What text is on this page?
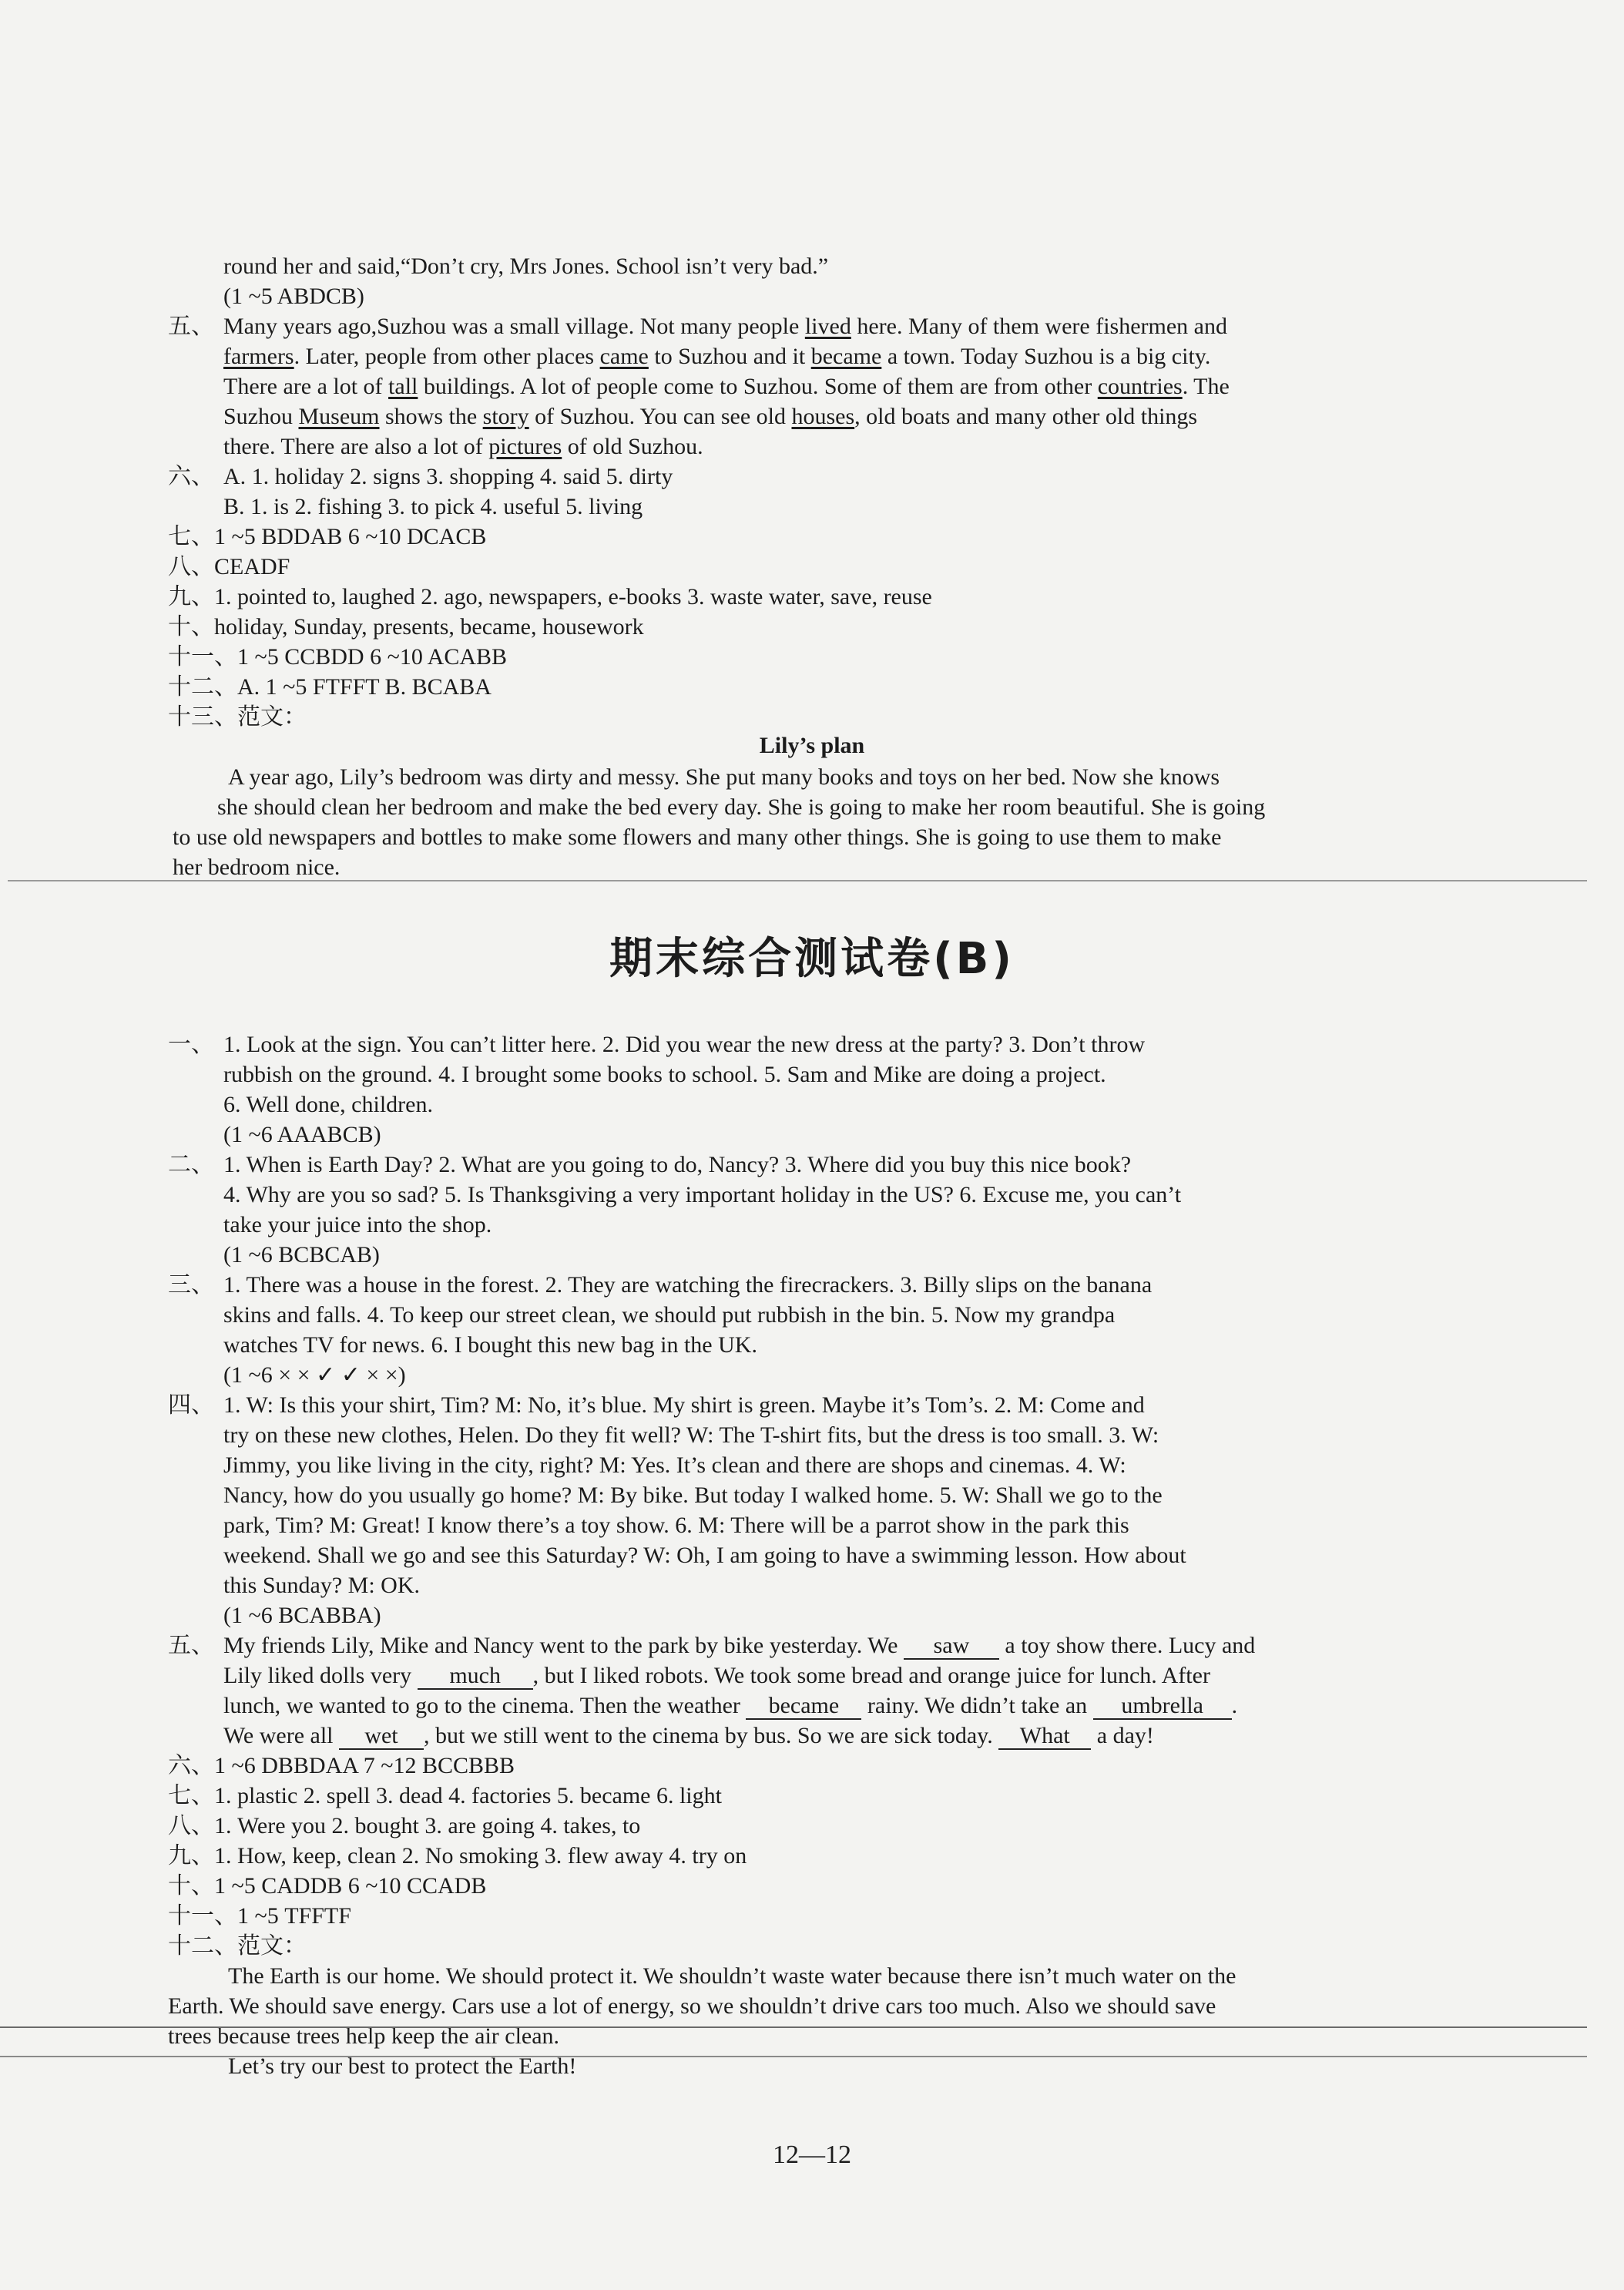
round her and said,“Don’t cry, Mrs Jones. School isn’t very bad.”
(1 ~5 ABDCB)
五、 Many years ago,Suzhou was a small village. Not many people lived here. Many of them were fishermen and
farmers. Later, people from other places came to Suzhou and it became a town. Today Suzhou is a big city.
There are a lot of tall buildings. A lot of people come to Suzhou. Some of them are from other countries. The
Suzhou Museum shows the story of Suzhou. You can see old houses, old boats and many other old things
there. There are also a lot of pictures of old Suzhou.
六、 A. 1. holiday 2. signs 3. shopping 4. said 5. dirty
B. 1. is 2. fishing 3. to pick 4. useful 5. living
七、1 ~5 BDDAB 6 ~10 DCACB
八、CEADF
九、1. pointed to, laughed 2. ago, newspapers, e-books 3. waste water, save, reuse
十、holiday, Sunday, presents, became, housework
十一、1 ~5 CCBDD 6 ~10 ACABB
十二、A. 1 ~5 FTFFT B. BCABA
十三、范文：
Lily’s plan
A year ago, Lily’s bedroom was dirty and messy. She put many books and toys on her bed. Now she knows
she should clean her bedroom and make the bed every day. She is going to make her room beautiful. She is going
to use old newspapers and bottles to make some flowers and many other things. She is going to use them to make
her bedroom nice.
期末综合测试卷(B)
一、 1. Look at the sign. You can’t litter here. 2. Did you wear the new dress at the party? 3. Don’t throw
rubbish on the ground. 4. I brought some books to school. 5. Sam and Mike are doing a project.
6. Well done, children.
(1 ~6 AAABCB)
二、 1. When is Earth Day? 2. What are you going to do, Nancy? 3. Where did you buy this nice book?
4. Why are you so sad? 5. Is Thanksgiving a very important holiday in the US? 6. Excuse me, you can’t
take your juice into the shop.
(1 ~6 BCBCAB)
三、 1. There was a house in the forest. 2. They are watching the firecrackers. 3. Billy slips on the banana
skins and falls. 4. To keep our street clean, we should put rubbish in the bin. 5. Now my grandpa
watches TV for news. 6. I bought this new bag in the UK.
(1 ~6 × × ✓ ✓ × ×)
四、 1. W: Is this your shirt, Tim? M: No, it’s blue. My shirt is green. Maybe it’s Tom’s. 2. M: Come and
try on these new clothes, Helen. Do they fit well? W: The T-shirt fits, but the dress is too small. 3. W:
Jimmy, you like living in the city, right? M: Yes. It’s clean and there are shops and cinemas. 4. W:
Nancy, how do you usually go home? M: By bike. But today I walked home. 5. W: Shall we go to the
park, Tim? M: Great! I know there’s a toy show. 6. M: There will be a parrot show in the park this
weekend. Shall we go and see this Saturday? W: Oh, I am going to have a swimming lesson. How about
this Sunday? M: OK.
(1 ~6 BCABBA)
五、 My friends Lily, Mike and Nancy went to the park by bike yesterday. We saw a toy show there. Lucy and
Lily liked dolls very much , but I liked robots. We took some bread and orange juice for lunch. After
lunch, we wanted to go to the cinema. Then the weather became rainy. We didn’t take an umbrella .
We were all wet , but we still went to the cinema by bus. So we are sick today. What a day!
六、1 ~6 DBBDAA 7 ~12 BCCBBB
七、1. plastic 2. spell 3. dead 4. factories 5. became 6. light
八、1. Were you 2. bought 3. are going 4. takes, to
九、1. How, keep, clean 2. No smoking 3. flew away 4. try on
十、1 ~5 CADDB 6 ~10 CCADB
十一、1 ~5 TFFTF
十二、范文：
The Earth is our home. We should protect it. We shouldn’t waste water because there isn’t much water on the
Earth. We should save energy. Cars use a lot of energy, so we shouldn’t drive cars too much. Also we should save
trees because trees help keep the air clean.
Let’s try our best to protect the Earth!
12—12
